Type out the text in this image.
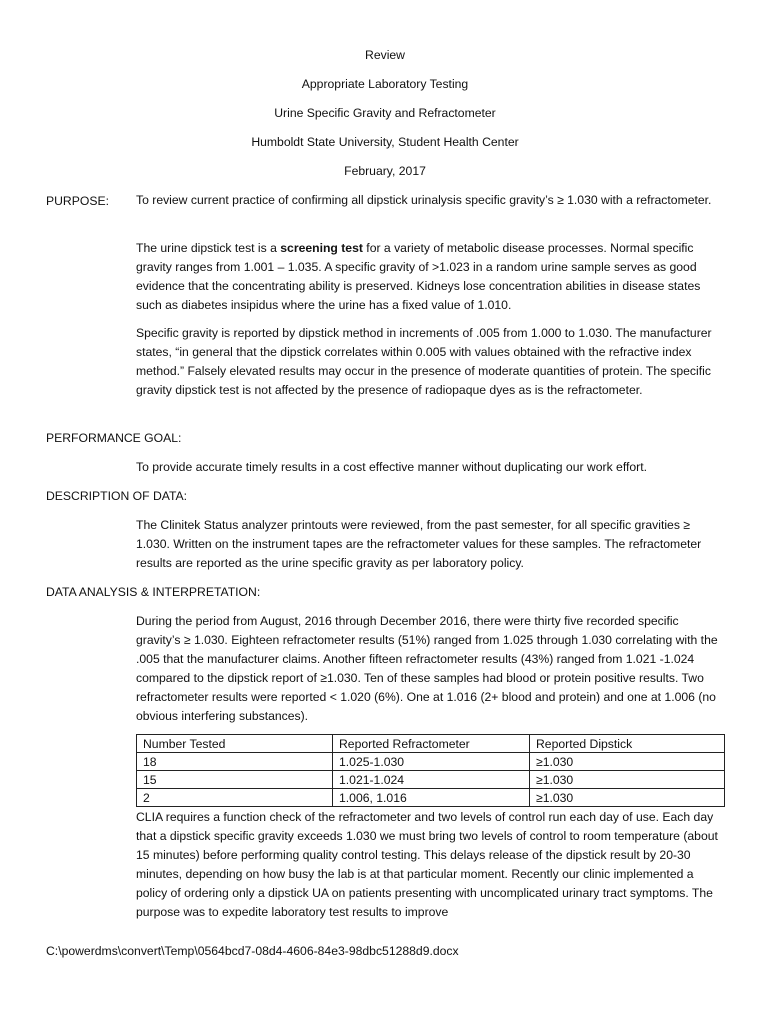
Review
Appropriate Laboratory Testing
Urine Specific Gravity and Refractometer
Humboldt State University, Student Health Center
February, 2017
PURPOSE: To review current practice of confirming all dipstick urinalysis specific gravity’s ≥ 1.030 with a refractometer.
The urine dipstick test is a screening test for a variety of metabolic disease processes. Normal specific gravity ranges from 1.001 – 1.035. A specific gravity of >1.023 in a random urine sample serves as good evidence that the concentrating ability is preserved. Kidneys lose concentration abilities in disease states such as diabetes insipidus where the urine has a fixed value of 1.010.
Specific gravity is reported by dipstick method in increments of .005 from 1.000 to 1.030. The manufacturer states, “in general that the dipstick correlates within 0.005 with values obtained with the refractive index method.” Falsely elevated results may occur in the presence of moderate quantities of protein. The specific gravity dipstick test is not affected by the presence of radiopaque dyes as is the refractometer.
PERFORMANCE GOAL:
To provide accurate timely results in a cost effective manner without duplicating our work effort.
DESCRIPTION OF DATA:
The Clinitek Status analyzer printouts were reviewed, from the past semester, for all specific gravities ≥ 1.030. Written on the instrument tapes are the refractometer values for these samples. The refractometer results are reported as the urine specific gravity as per laboratory policy.
DATA ANALYSIS & INTERPRETATION:
During the period from August, 2016 through December 2016, there were thirty five recorded specific gravity’s ≥ 1.030. Eighteen refractometer results (51%) ranged from 1.025 through 1.030 correlating with the .005 that the manufacturer claims. Another fifteen refractometer results (43%) ranged from 1.021 -1.024 compared to the dipstick report of ≥1.030. Ten of these samples had blood or protein positive results. Two refractometer results were reported < 1.020 (6%). One at 1.016 (2+ blood and protein) and one at 1.006 (no obvious interfering substances).
Number Tested	Reported Refractometer	Reported Dipstick
18	1.025-1.030	≥1.030
15	1.021-1.024	≥1.030
2	1.006, 1.016	≥1.030
CLIA requires a function check of the refractometer and two levels of control run each day of use. Each day that a dipstick specific gravity exceeds 1.030 we must bring two levels of control to room temperature (about 15 minutes) before performing quality control testing. This delays release of the dipstick result by 20-30 minutes, depending on how busy the lab is at that particular moment. Recently our clinic implemented a policy of ordering only a dipstick UA on patients presenting with uncomplicated urinary tract symptoms. The purpose was to expedite laboratory test results to improve
C:\powerdms\convert\Temp\0564bcd7-08d4-4606-84e3-98dbc51288d9.docx
